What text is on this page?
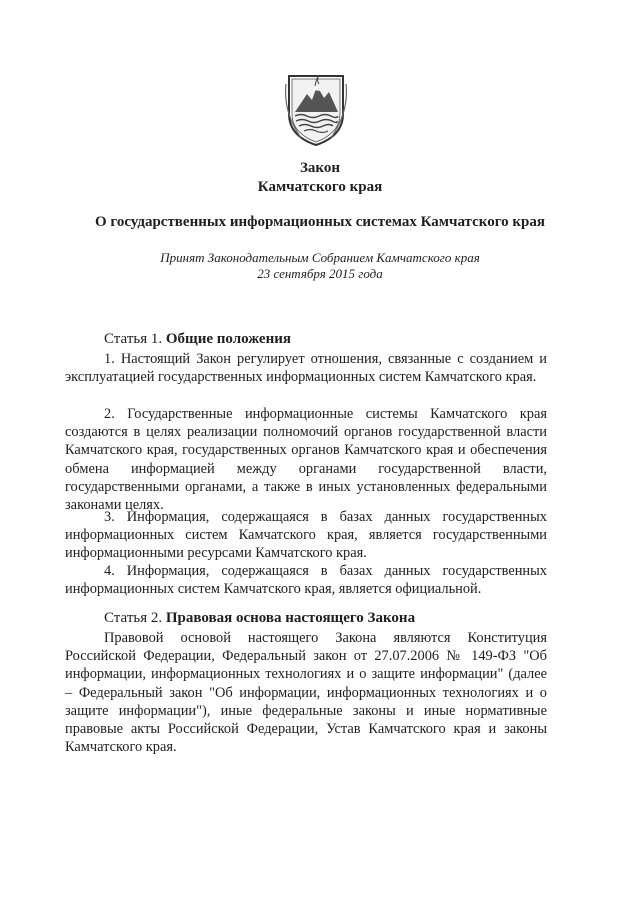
Закон
Камчатского края
О государственных информационных системах Камчатского края
Принят Законодательным Собранием Камчатского края
23 сентября 2015 года
Статья 1. Общие положения

1. Настоящий Закон регулирует отношения, связанные с созданием и эксплуатацией государственных информационных систем Камчатского края.

2. Государственные информационные системы Камчатского края создаются в целях реализации полномочий органов государственной власти Камчатского края, государственных органов Камчатского края и обеспечения обмена информацией между органами государственной власти, государственными органами, а также в иных установленных федеральными законами целях.

3. Информация, содержащаяся в базах данных государственных информационных систем Камчатского края, является государственными информационными ресурсами Камчатского края.

4. Информация, содержащаяся в базах данных государственных информационных систем Камчатского края, является официальной.

Статья 2. Правовая основа настоящего Закона

Правовой основой настоящего Закона являются Конституция Российской Федерации, Федеральный закон от 27.07.2006 № 149-ФЗ "Об информации, информационных технологиях и о защите информации" (далее – Федеральный закон "Об информации, информационных технологиях и о защите информации"), иные федеральные законы и иные нормативные правовые акты Российской Федерации, Устав Камчатского края и законы Камчатского края.
